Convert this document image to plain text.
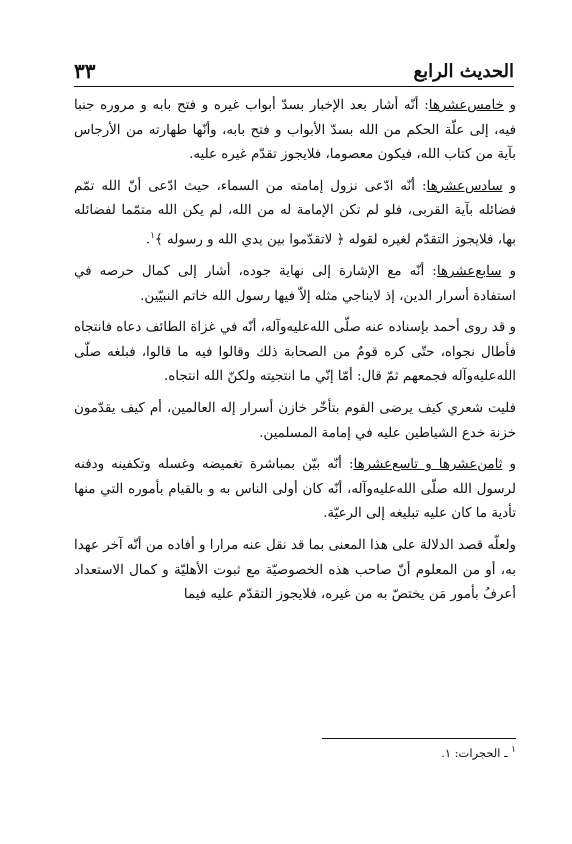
الحديث الرابع
٣٣

و خامس‌عشرها: أنّه أشار بعد الإخبار بسدّ أبواب غيره و فتح بابه و مروره جنبا فيه، إلى علّة الحكم من الله بسدّ الأبواب و فتح بابه، وأنّها طهارته من الأرجاس بآية من كتاب الله، فيكون معصوما، فلايجوز تقدّم غيره عليه.

و سادس‌عشرها: أنّه ادّعى نزول إمامته من السماء، حيث ادّعى أنّ الله تمّم فضائله بآية القربى، فلو لم تكن الإمامة له من الله، لم يكن الله متمّما لفضائله بها، فلايجوز التقدّم لغيره لقوله ﴿ لاتقدّموا بين يدي الله و رسوله ﴾$^١$.

و سابع‌عشرها: أنّه مع الإشارة إلى نهاية جوده، أشار إلى كمال حرصه في استفادة أسرار الدين، إذ لايناجي مثله إلاّ فيها رسول الله خاتم النبيّين.

و قد روى أحمد بإسناده عنه صلّى الله‌عليه‌وآله، أنّه في غزاة الطائف دعاه فانتجاه فأطال نجواه، حتّى كره قومٌ من الصحابة ذلك وقالوا فيه ما قالوا، فبلغه صلّى الله‌عليه‌وآله فجمعهم ثمّ قال: أمّا إنّي ما انتجيته ولكنّ الله انتجاه.

فليت شعري كيف يرضى القوم بتأخّر خازن أسرار إله العالمين، أم كيف يقدّمون خزنة خدع الشياطين عليه في إمامة المسلمين.

و ثامن‌عشرها و تاسع‌عشرها: أنّه بيّن بمباشرة تغميضه وغسله وتكفينه ودفنه لرسول الله صلّى الله‌عليه‌وآله، أنّه كان أولى الناس به و بالقيام بأموره التي منها تأدية ما كان عليه تبليغه إلى الرعيّة.

ولعلّه قصد الدلالة على هذا المعنى بما قد نقل عنه مرارا و أفاده من أنّه آخر عهدا به، أو من المعلوم أنّ صاحب هذه الخصوصيّة مع ثبوت الأهليّة و كمال الاستعداد أعرفُ بأمور مَن يختصّ به من غيره، فلايجوز التقدّم عليه فيما

$^١$ ـ الحجرات: ١.
